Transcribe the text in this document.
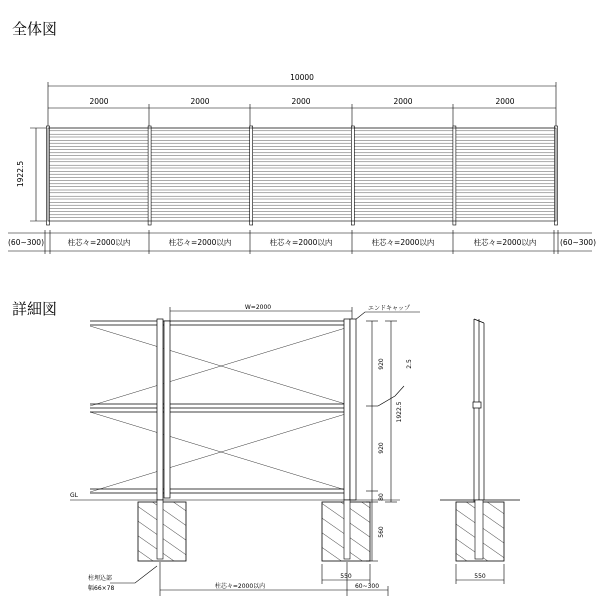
全体図
10000
2000	2000	2000	2000	2000
1922.5
(60~300)	柱芯々=2000以内	柱芯々=2000以内	柱芯々=2000以内	柱芯々=2000以内	柱芯々=2000以内	(60~300)
詳細図	W=2000	エンドキャップ
GL
920
920
80
560
1922.5
2.5
550
柱芯々=2000以内	60~300
柱埋込部
幅66×78
550
